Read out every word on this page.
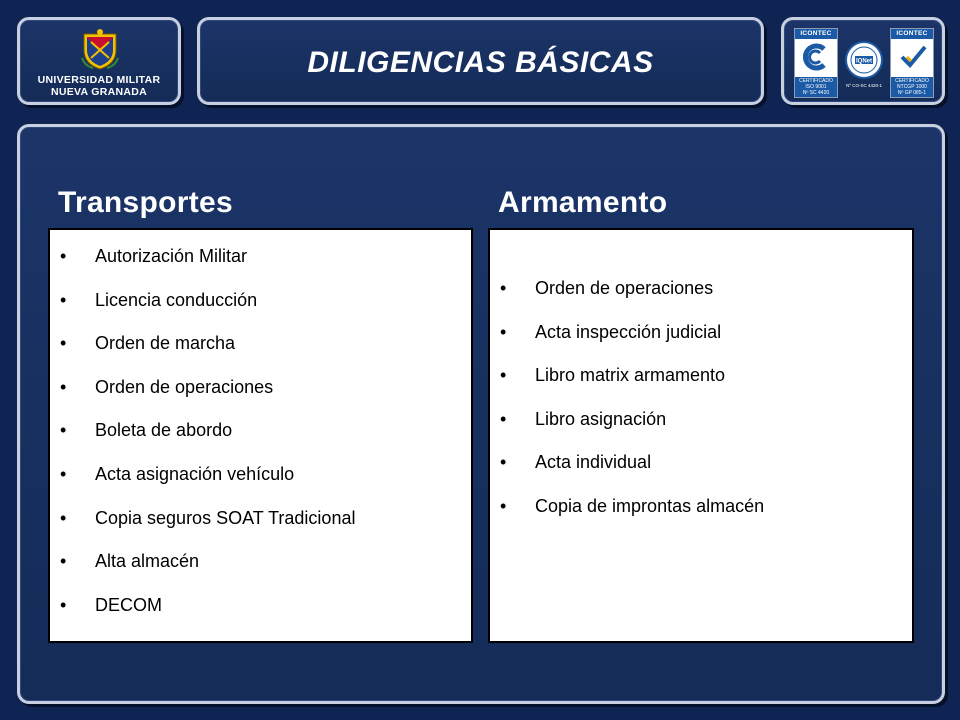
UNIVERSIDAD MILITAR
NUEVA GRANADA
DILIGENCIAS BÁSICAS
ICONTEC
CERTIFICADO
ISO 9001
Nº SC 4420
IQNet
Nº CO-SC 4420-1
ICONTEC
CERTIFICADO
NTCGP 1000
Nº GP 085-1
Transportes	Armamento
• Autorización Militar
• Licencia conducción
• Orden de marcha
• Orden de operaciones
• Boleta de abordo
• Acta asignación vehículo
• Copia seguros SOAT Tradicional
• Alta almacén
• DECOM
• Orden de operaciones
• Acta inspección judicial
• Libro matrix armamento
• Libro asignación
• Acta individual
• Copia de improntas almacén
